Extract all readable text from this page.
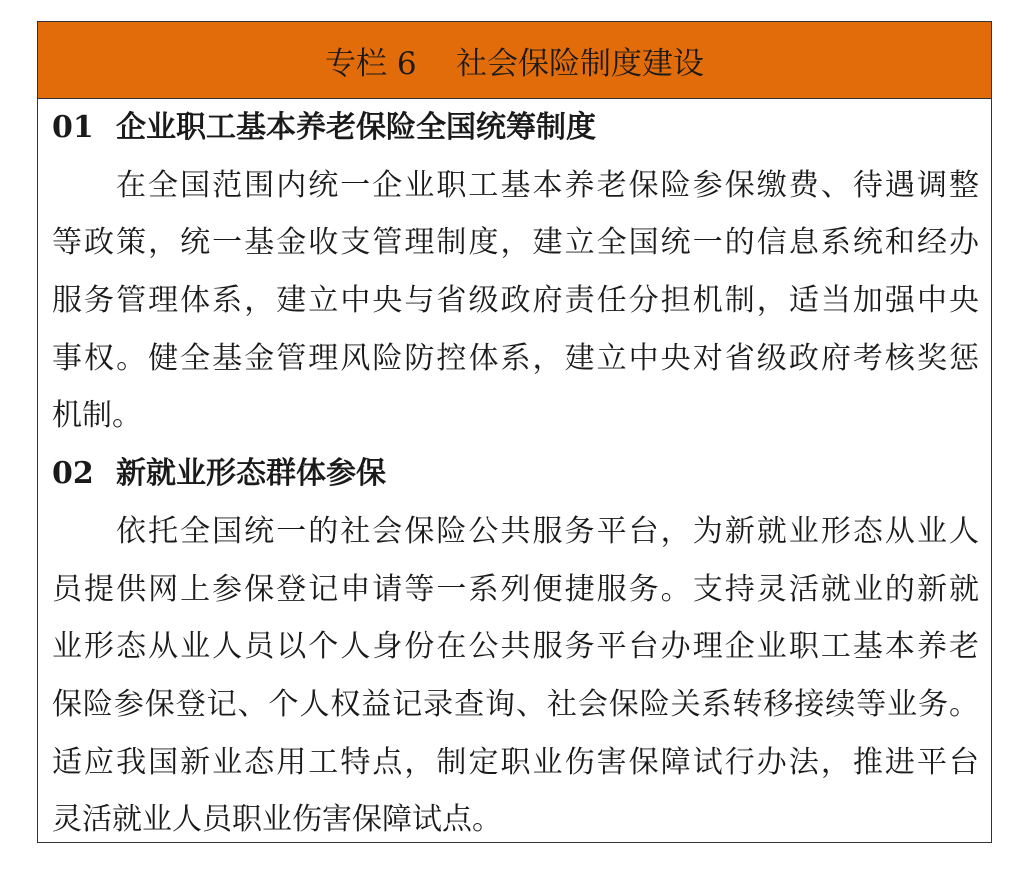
专栏 6
社会保险制度建设
01 企业职工基本养老保险全国统筹制度
在全国范围内统一企业职工基本养老保险参保缴费、待遇调整
等政策，统一基金收支管理制度，建立全国统一的信息系统和经办
服务管理体系，建立中央与省级政府责任分担机制，适当加强中央
事权。健全基金管理风险防控体系，建立中央对省级政府考核奖惩
机制。
02 新就业形态群体参保
依托全国统一的社会保险公共服务平台，为新就业形态从业人
员提供网上参保登记申请等一系列便捷服务。支持灵活就业的新就
业形态从业人员以个人身份在公共服务平台办理企业职工基本养老
保险参保登记、个人权益记录查询、社会保险关系转移接续等业务。
适应我国新业态用工特点，制定职业伤害保障试行办法，推进平台
灵活就业人员职业伤害保障试点。
